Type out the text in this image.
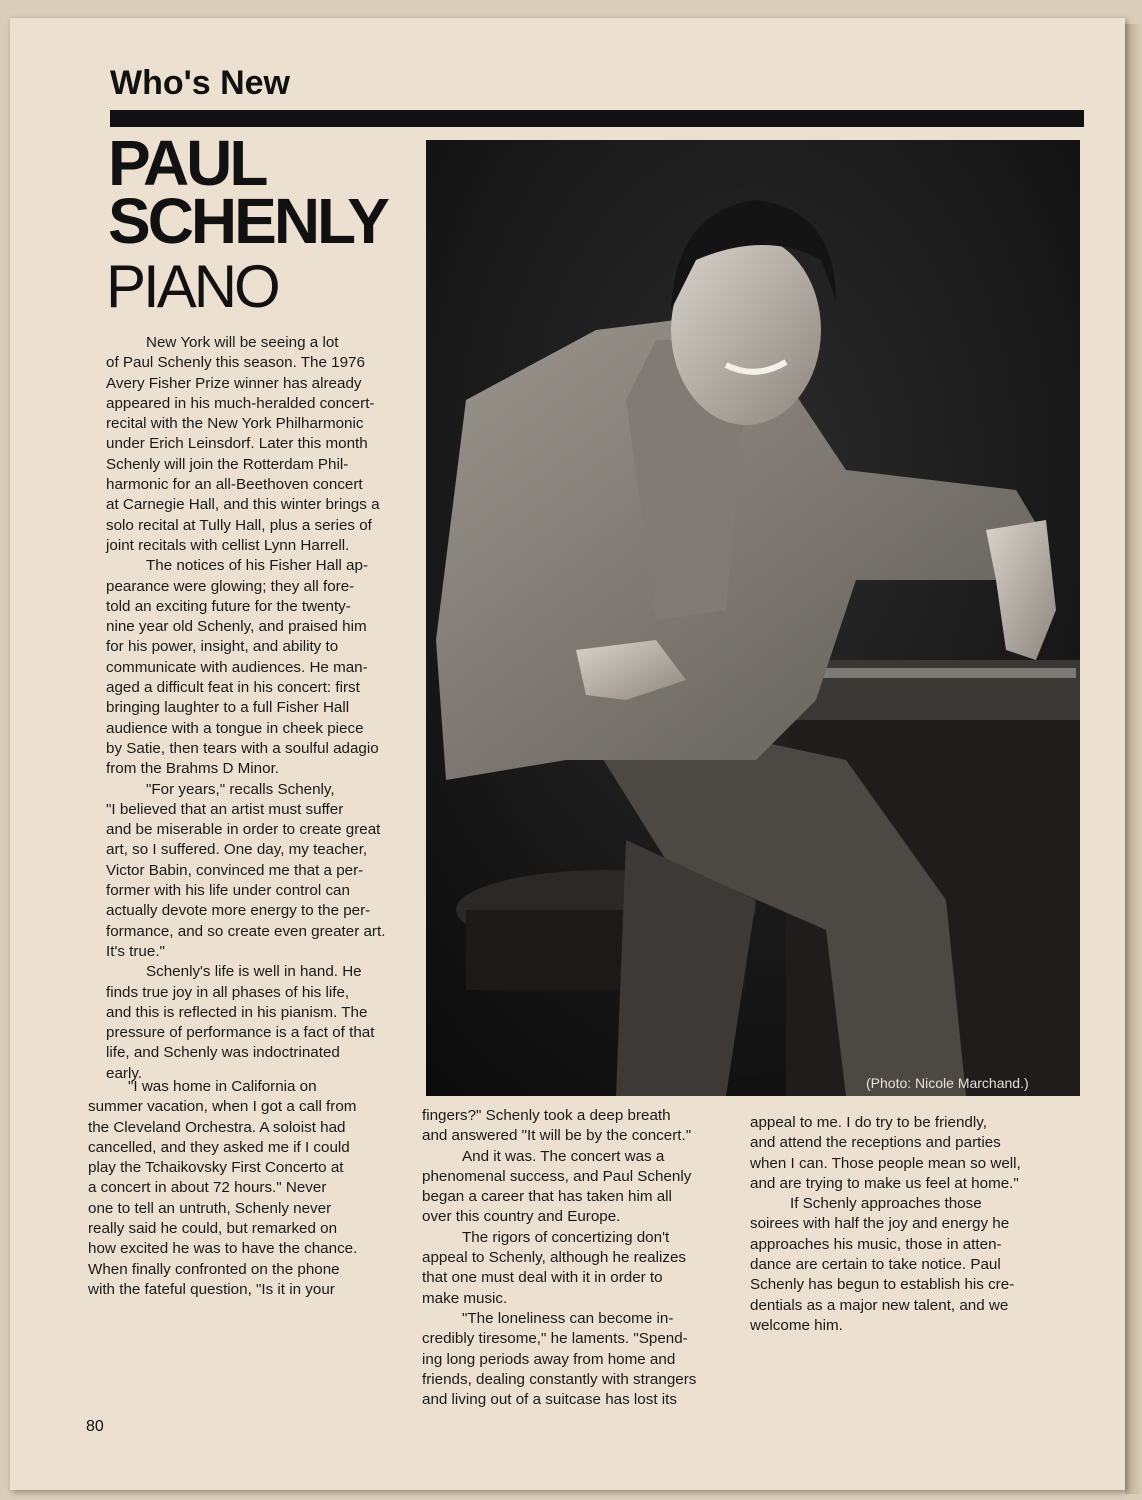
Who's New
PAUL
SCHENLY
PIANO

New York will be seeing a lot

of Paul Schenly this season. The 1976

Avery Fisher Prize winner has already

appeared in his much-heralded concert-

recital with the New York Philharmonic

under Erich Leinsdorf. Later this month

Schenly will join the Rotterdam Phil-

harmonic for an all-Beethoven concert

at Carnegie Hall, and this winter brings a

solo recital at Tully Hall, plus a series of

joint recitals with cellist Lynn Harrell.

The notices of his Fisher Hall ap-

pearance were glowing; they all fore-

told an exciting future for the twenty-

nine year old Schenly, and praised him

for his power, insight, and ability to

communicate with audiences. He man-

aged a difficult feat in his concert: first

bringing laughter to a full Fisher Hall

audience with a tongue in cheek piece

by Satie, then tears with a soulful adagio

from the Brahms D Minor.

"For years," recalls Schenly,

"I believed that an artist must suffer

and be miserable in order to create great

art, so I suffered. One day, my teacher,

Victor Babin, convinced me that a per-

former with his life under control can

actually devote more energy to the per-

formance, and so create even greater art.

It's true."

Schenly's life is well in hand. He

finds true joy in all phases of his life,

and this is reflected in his pianism. The

pressure of performance is a fact of that

life, and Schenly was indoctrinated

early.

"I was home in California on

summer vacation, when I got a call from

the Cleveland Orchestra. A soloist had

cancelled, and they asked me if I could

play the Tchaikovsky First Concerto at

a concert in about 72 hours." Never

one to tell an untruth, Schenly never

really said he could, but remarked on

how excited he was to have the chance.

When finally confronted on the phone

with the fateful question, "Is it in your

(Photo: Nicole Marchand.)

fingers?" Schenly took a deep breath

and answered "It will be by the concert."

And it was. The concert was a

phenomenal success, and Paul Schenly

began a career that has taken him all

over this country and Europe.

The rigors of concertizing don't

appeal to Schenly, although he realizes

that one must deal with it in order to

make music.

"The loneliness can become in-

credibly tiresome," he laments. "Spend-

ing long periods away from home and

friends, dealing constantly with strangers

and living out of a suitcase has lost its

appeal to me. I do try to be friendly,

and attend the receptions and parties

when I can. Those people mean so well,

and are trying to make us feel at home."

If Schenly approaches those

soirees with half the joy and energy he

approaches his music, those in atten-

dance are certain to take notice. Paul

Schenly has begun to establish his cre-

dentials as a major new talent, and we

welcome him.

80
